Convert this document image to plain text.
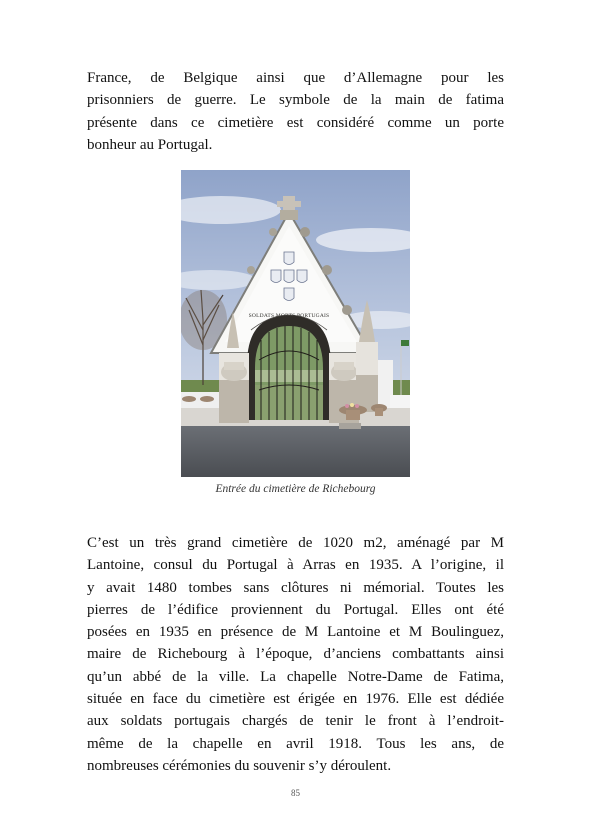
France, de Belgique ainsi que d’Allemagne pour les
prisonniers de guerre. Le symbole de la main de fatima
présente dans ce cimetière est considéré comme un porte
bonheur au Portugal.
SOLDATS MORTS PORTUGAIS
Entrée du cimetière de Richebourg
C’est un très grand cimetière de 1020 m2, aménagé par M
Lantoine, consul du Portugal à Arras en 1935. A l’origine, il
y avait 1480 tombes sans clôtures ni mémorial. Toutes les
pierres de l’édifice proviennent du Portugal. Elles ont été
posées en 1935 en présence de M Lantoine et M Boulinguez,
maire de Richebourg à l’époque, d’anciens combattants ainsi
qu’un abbé de la ville. La chapelle Notre-Dame de Fatima,
située en face du cimetière est érigée en 1976. Elle est dédiée
aux soldats portugais chargés de tenir le front à l’endroit-
même de la chapelle en avril 1918. Tous les ans, de
nombreuses cérémonies du souvenir s’y déroulent.
85
